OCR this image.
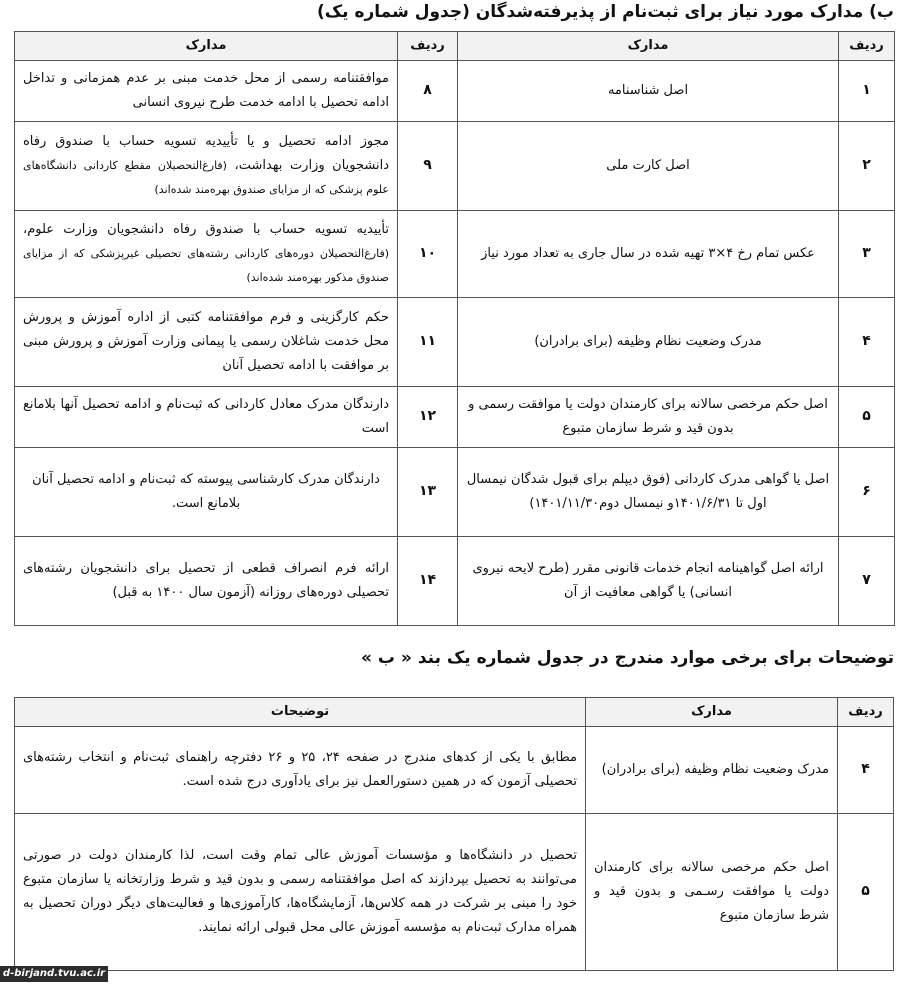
ب) مدارک مورد نیاز برای ثبت‌نام از پذیرفته‌شدگان (جدول شماره یک)
ردیف	مدارک	ردیف	مدارک
۱	اصل شناسنامه	۸	موافقتنامه رسمی از محل خدمت مبنی بر عدم همزمانی و تداخل ادامه تحصیل با ادامه خدمت طرح نیروی انسانی
۲	اصل کارت ملی	۹	مجوز ادامه تحصیل و یا تأییدیه تسویه حساب با صندوق رفاه دانشجویان وزارت بهداشت، (فارغ‌التحصیلان مقطع کاردانی دانشگاه‌های علوم پزشکی که از مزایای صندوق بهره‌مند شده‌اند)
۳	عکس تمام رخ ۴×۳ تهیه شده در سال جاری به تعداد مورد نیاز	۱۰	تأییدیه تسویه حساب با صندوق رفاه دانشجویان وزارت علوم، (فارغ‌التحصیلان دوره‌های کاردانی رشته‌های تحصیلی غیرپزشکی که از مزایای صندوق مذکور بهره‌مند شده‌اند)
۴	مدرک وضعیت نظام وظیفه (برای برادران)	۱۱	حکم کارگزینی و فرم موافقتنامه کتبی از اداره آموزش و پرورش محل خدمت شاغلان رسمی یا پیمانی وزارت آموزش و پرورش مبنی بر موافقت با ادامه تحصیل آنان
۵	اصل حکم مرخصی سالانه برای کارمندان دولت یا موافقت رسمی و بدون قید و شرط سازمان متبوع	۱۲	دارندگان مدرک معادل کاردانی که ثبت‌نام و ادامه تحصیل آنها بلامانع است
۶	اصل یا گواهی مدرک کاردانی (فوق دیپلم برای قبول شدگان نیمسال اول تا ۱۴۰۱/۶/۳۱و نیمسال دوم۱۴۰۱/۱۱/۳۰)	۱۳	دارندگان مدرک کارشناسی پیوسته که ثبت‌نام و ادامه تحصیل آنان بلامانع است.
۷	ارائه اصل گواهینامه انجام خدمات قانونی مقرر (طرح لایحه نیروی انسانی) یا گواهی معافیت از آن	۱۴	ارائه فرم انصراف قطعی از تحصیل برای دانشجویان رشته‌های تحصیلی دوره‌های روزانه (آزمون سال ۱۴۰۰ به قبل)
توضیحات برای برخی موارد مندرج در جدول شماره یک بند « ب »
ردیف	مدارک	توضیحات
۴	مدرک وضعیت نظام وظیفه (برای برادران)	مطابق با یکی از کدهای مندرج در صفحه ۲۴، ۲۵ و ۲۶ دفترچه راهنمای ثبت‌نام و انتخاب رشته‌های تحصیلی آزمون که در همین دستورالعمل نیز برای یادآوری درج شده است.
۵	اصل حکم مرخصی سالانه برای کارمندان دولت یا موافقت رسـمی و بدون قید و شرط سازمان متبوع	تحصیل در دانشگاه‌ها و مؤسسات آموزش عالی تمام وقت است، لذا کارمندان دولت در صورتی می‌توانند به تحصیل بپردازند که اصل موافقتنامه رسمی و بدون قید و شرط وزارتخانه یا سازمان متبوع خود را مبنی بر شرکت در همه کلاس‌ها، آزمایشگاه‌ها، کارآموزی‌ها و فعالیت‌های دیگر دوران تحصیل به همراه مدارک ثبت‌نام به مؤسسه آموزش عالی محل قبولی ارائه نمایند.
d-birjand.tvu.ac.ir
